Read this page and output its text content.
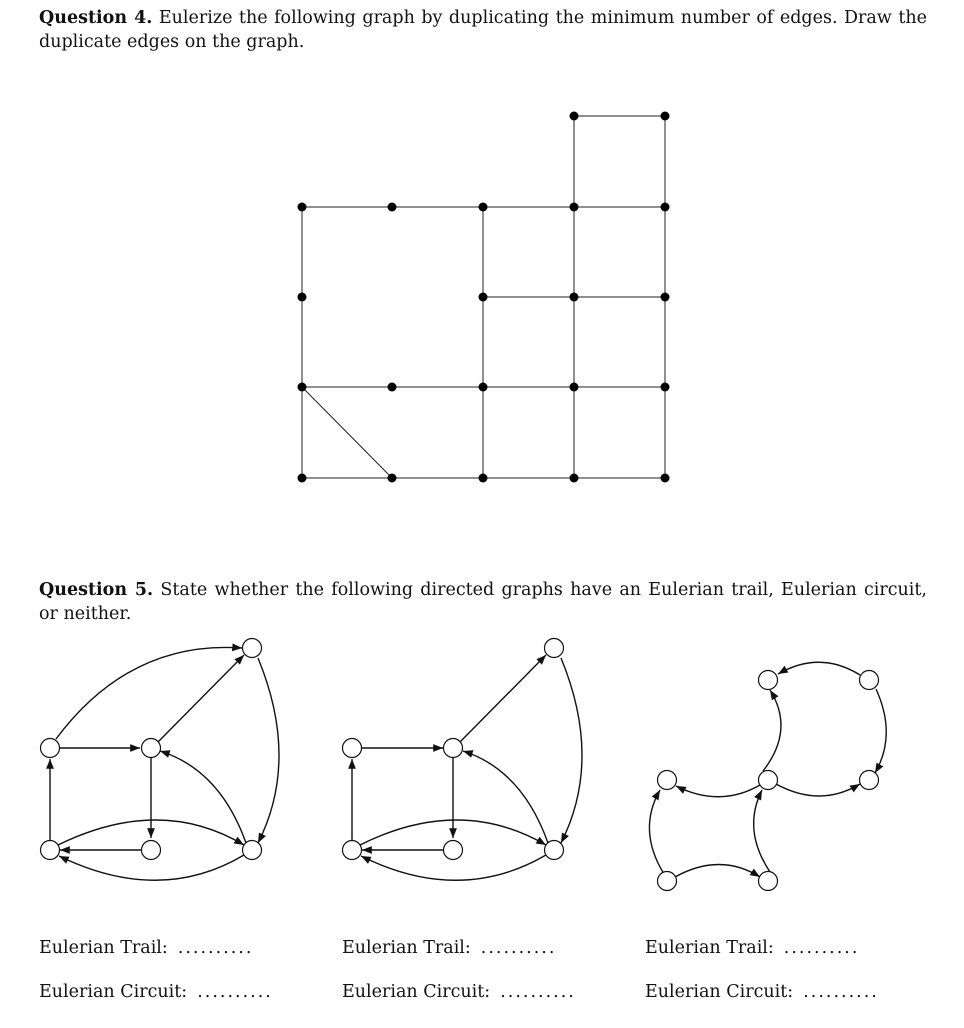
Question 4. Eulerize the following graph by duplicating the minimum number of edges. Draw the duplicate edges on the graph.
Question 5. State whether the following directed graphs have an Eulerian trail, Eulerian circuit, or neither.
Eulerian Trail: ..........
Eulerian Circuit: ..........
Eulerian Trail: ..........
Eulerian Circuit: ..........
Eulerian Trail: ..........
Eulerian Circuit: ..........
